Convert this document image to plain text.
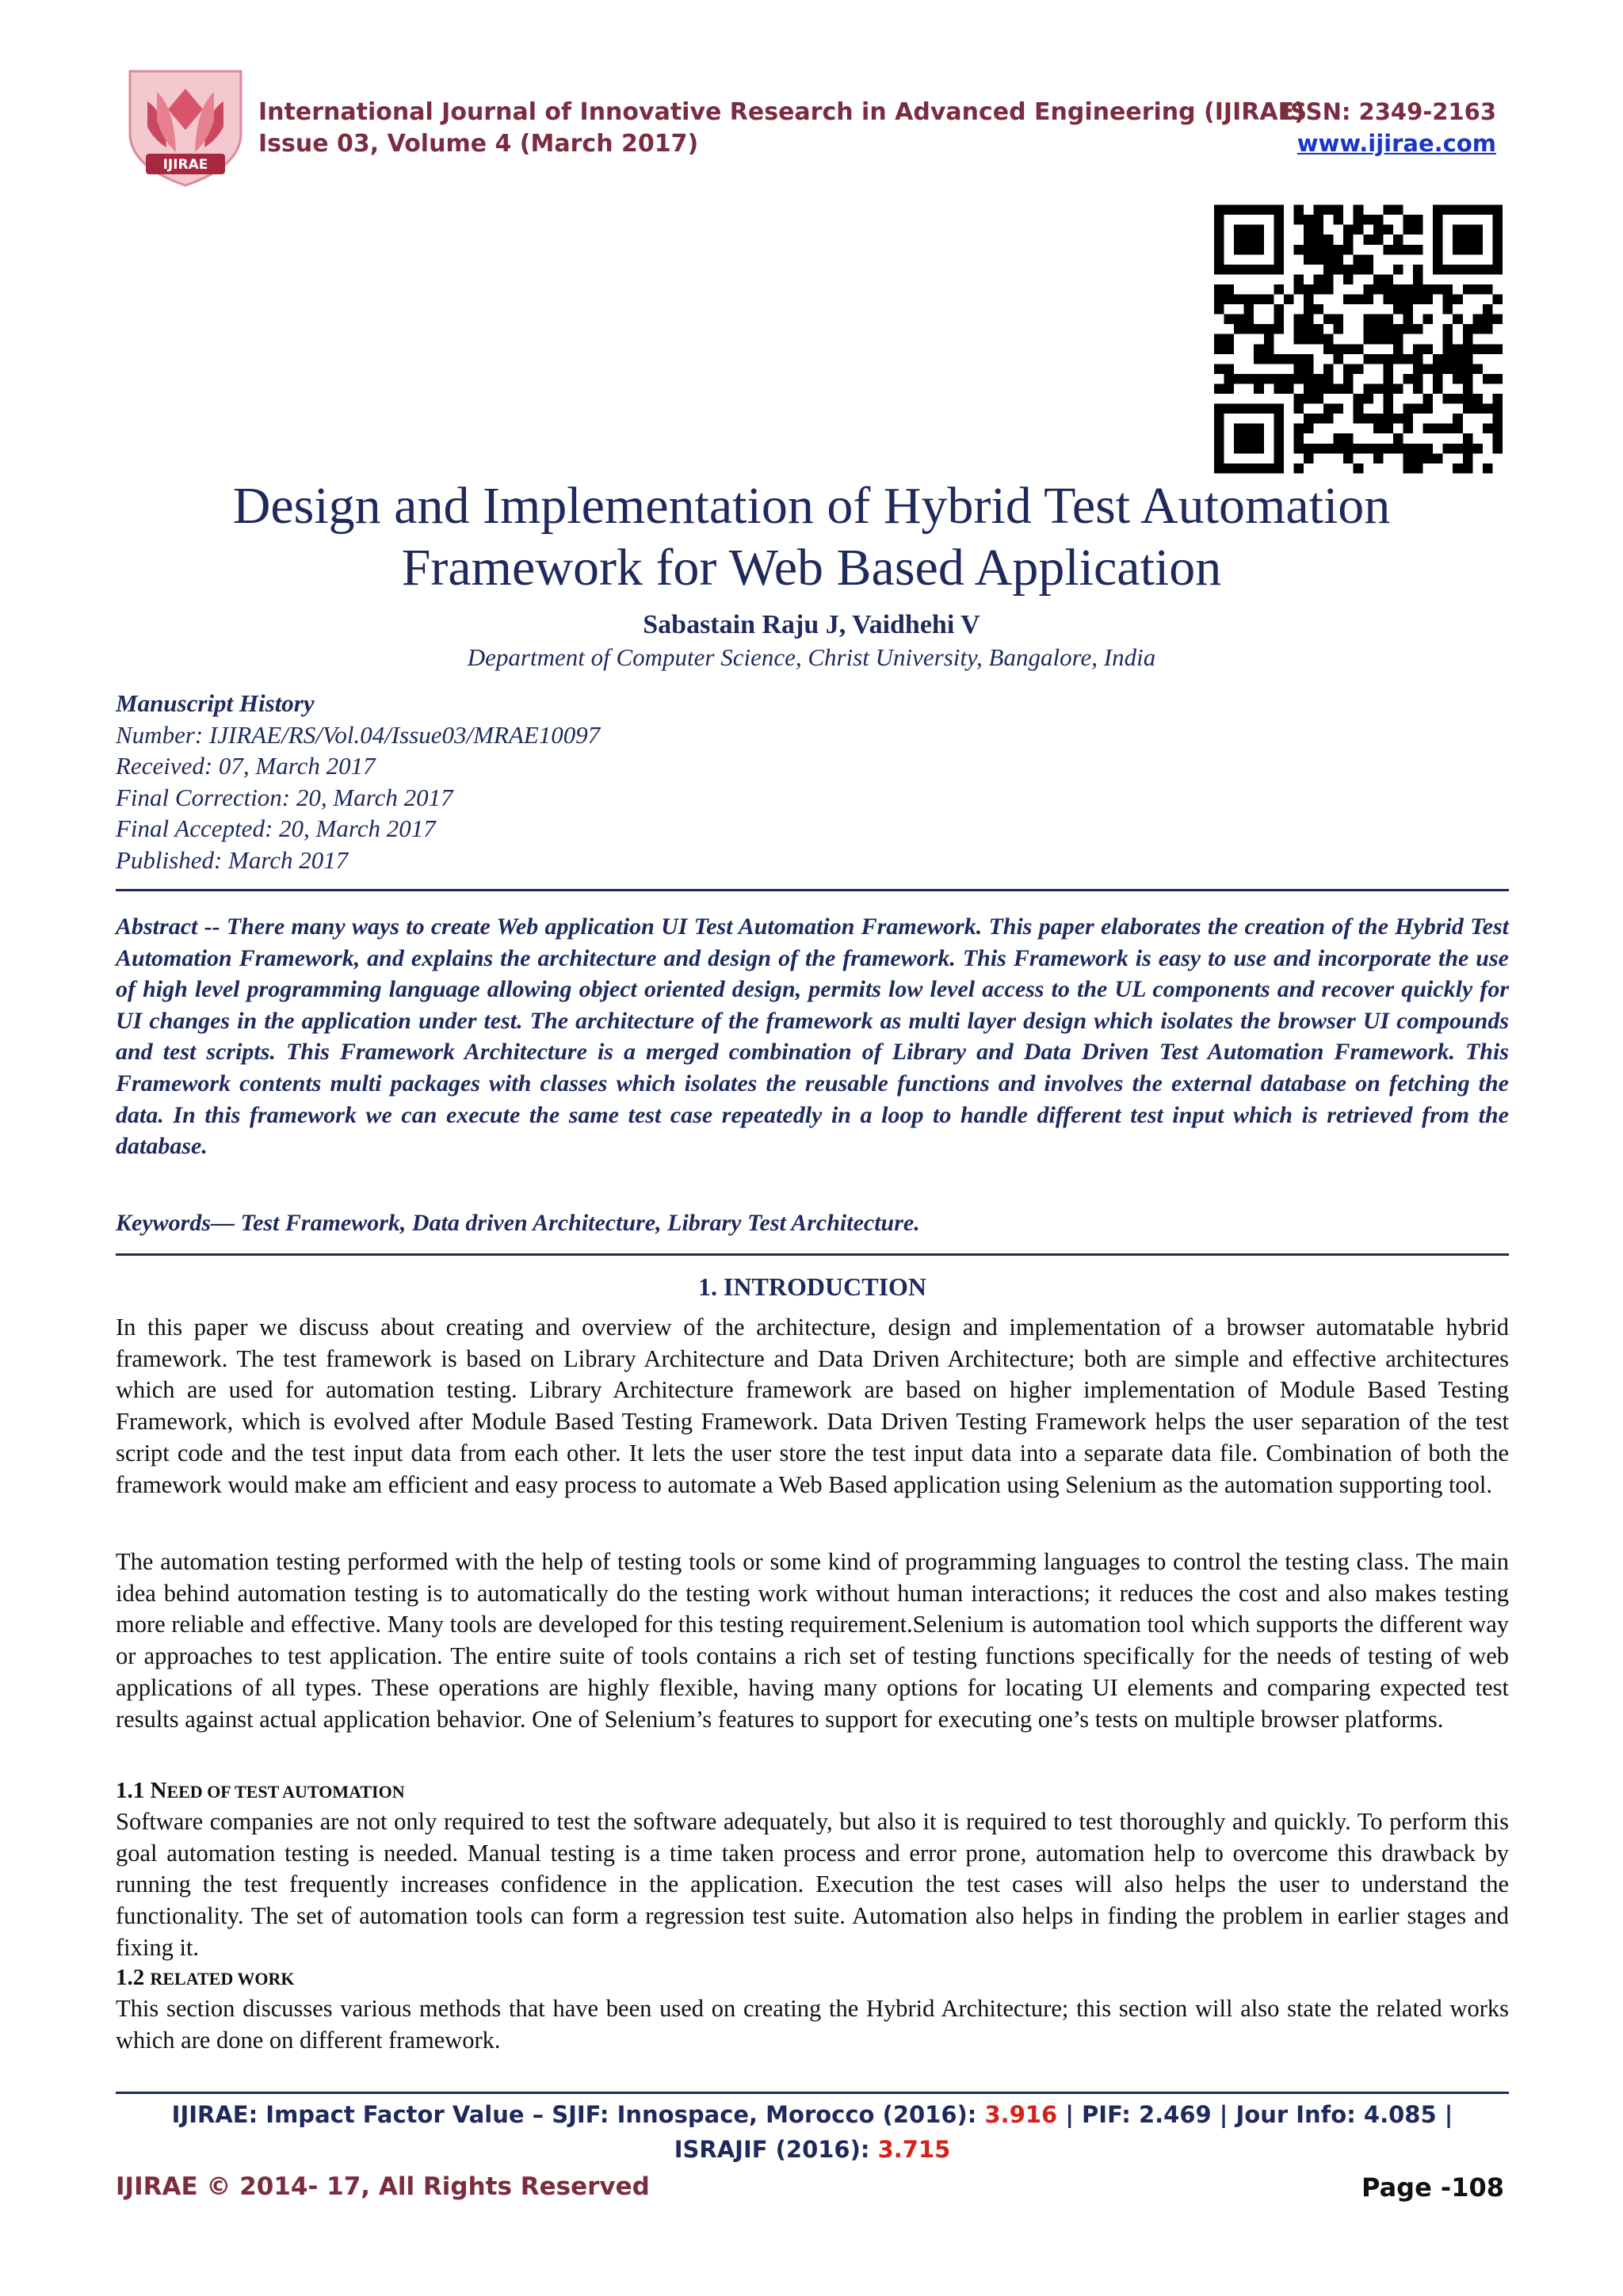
IJIRAE
International Journal of Innovative Research in Advanced Engineering (IJIRAE)
Issue 03, Volume 4 (March 2017)
ISSN: 2349-2163
www.ijirae.com
Design and Implementation of Hybrid Test Automation
Framework for Web Based Application
Sabastain Raju J, Vaidhehi V
Department of Computer Science, Christ University, Bangalore, India
Manuscript History
Number: IJIRAE/RS/Vol.04/Issue03/MRAE10097
Received: 07, March 2017
Final Correction: 20, March 2017
Final Accepted: 20, March 2017
Published: March 2017
Abstract -- There many ways to create Web application UI Test Automation Framework. This paper elaborates the creation of the Hybrid Test Automation Framework, and explains the architecture and design of the framework. This Framework is easy to use and incorporate the use of high level programming language allowing object oriented design, permits low level access to the UL components and recover quickly for UI changes in the application under test. The architecture of the framework as multi layer design which isolates the browser UI compounds and test scripts. This Framework Architecture is a merged combination of Library and Data Driven Test Automation Framework. This Framework contents multi packages with classes which isolates the reusable functions and involves the external database on fetching the data. In this framework we can execute the same test case repeatedly in a loop to handle different test input which is retrieved from the database.
Keywords— Test Framework, Data driven Architecture, Library Test Architecture.
1. INTRODUCTION
In this paper we discuss about creating and overview of the architecture, design and implementation of a browser automatable hybrid framework. The test framework is based on Library Architecture and Data Driven Architecture; both are simple and effective architectures which are used for automation testing. Library Architecture framework are based on higher implementation of Module Based Testing Framework, which is evolved after Module Based Testing Framework. Data Driven Testing Framework helps the user separation of the test script code and the test input data from each other. It lets the user store the test input data into a separate data file. Combination of both the framework would make am efficient and easy process to automate a Web Based application using Selenium as the automation supporting tool.
The automation testing performed with the help of testing tools or some kind of programming languages to control the testing class. The main idea behind automation testing is to automatically do the testing work without human interactions; it reduces the cost and also makes testing more reliable and effective. Many tools are developed for this testing requirement.Selenium is automation tool which supports the different way or approaches to test application. The entire suite of tools contains a rich set of testing functions specifically for the needs of testing of web applications of all types. These operations are highly flexible, having many options for locating UI elements and comparing expected test results against actual application behavior. One of Selenium’s features to support for executing one’s tests on multiple browser platforms.
1.1 NEED OF TEST AUTOMATION
Software companies are not only required to test the software adequately, but also it is required to test thoroughly and quickly. To perform this goal automation testing is needed. Manual testing is a time taken process and error prone, automation help to overcome this drawback by running the test frequently increases confidence in the application. Execution the test cases will also helps the user to understand the functionality. The set of automation tools can form a regression test suite. Automation also helps in finding the problem in earlier stages and fixing it.
1.2 RELATED WORK
This section discusses various methods that have been used on creating the Hybrid Architecture; this section will also state the related works which are done on different framework.
IJIRAE: Impact Factor Value – SJIF: Innospace, Morocco (2016): 3.916 | PIF: 2.469 | Jour Info: 4.085 |
ISRAJIF (2016): 3.715
IJIRAE © 2014- 17, All Rights Reserved	Page -108
